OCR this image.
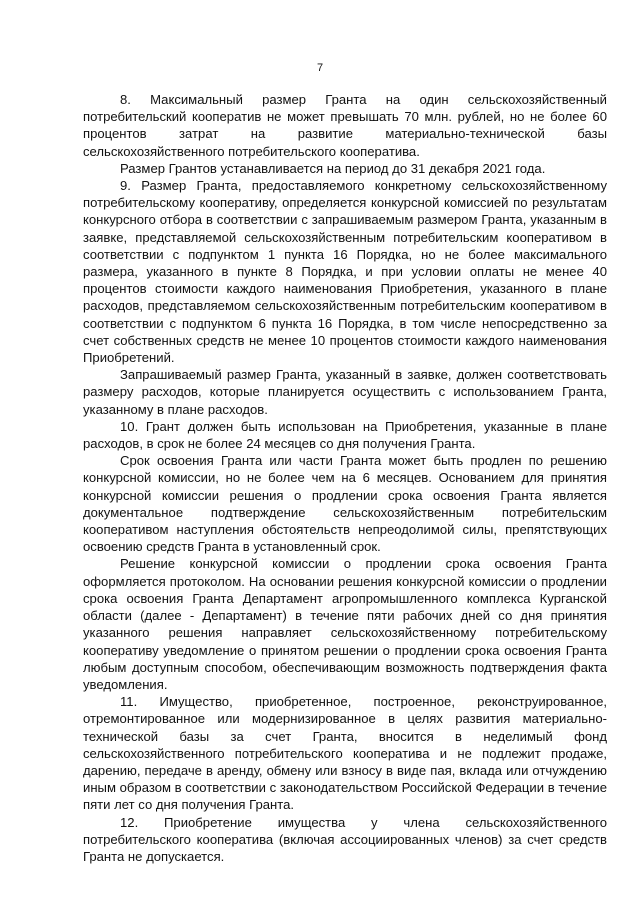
7

8. Максимальный размер Гранта на один сельскохозяйственный потребительский кооператив не может превышать 70 млн. рублей, но не более 60 процентов затрат на развитие материально-технической базы сельскохозяйственного потребительского кооператива.

Размер Грантов устанавливается на период до 31 декабря 2021 года.

9. Размер Гранта, предоставляемого конкретному сельскохозяйственному потребительскому кооперативу, определяется конкурсной комиссией по результатам конкурсного отбора в соответствии с запрашиваемым размером Гранта, указанным в заявке, представляемой сельскохозяйственным потребительским кооперативом в соответствии с подпунктом 1 пункта 16 Порядка, но не более максимального размера, указанного в пункте 8 Порядка, и при условии оплаты не менее 40 процентов стоимости каждого наименования Приобретения, указанного в плане расходов, представляемом сельскохозяйственным потребительским кооперативом в соответствии с подпунктом 6 пункта 16 Порядка, в том числе непосредственно за счет собственных средств не менее 10 процентов стоимости каждого наименования Приобретений.

Запрашиваемый размер Гранта, указанный в заявке, должен соответствовать размеру расходов, которые планируется осуществить с использованием Гранта, указанному в плане расходов.

10. Грант должен быть использован на Приобретения, указанные в плане расходов, в срок не более 24 месяцев со дня получения Гранта.

Срок освоения Гранта или части Гранта может быть продлен по решению конкурсной комиссии, но не более чем на 6 месяцев. Основанием для принятия конкурсной комиссии решения о продлении срока освоения Гранта является документальное подтверждение сельскохозяйственным потребительским кооперативом наступления обстоятельств непреодолимой силы, препятствующих освоению средств Гранта в установленный срок.

Решение конкурсной комиссии о продлении срока освоения Гранта оформляется протоколом. На основании решения конкурсной комиссии о продлении срока освоения Гранта Департамент агропромышленного комплекса Курганской области (далее - Департамент) в течение пяти рабочих дней со дня принятия указанного решения направляет сельскохозяйственному потребительскому кооперативу уведомление о принятом решении о продлении срока освоения Гранта любым доступным способом, обеспечивающим возможность подтверждения факта уведомления.

11. Имущество, приобретенное, построенное, реконструированное, отремонтированное или модернизированное в целях развития материально-технической базы за счет Гранта, вносится в неделимый фонд сельскохозяйственного потребительского кооператива и не подлежит продаже, дарению, передаче в аренду, обмену или взносу в виде пая, вклада или отчуждению иным образом в соответствии с законодательством Российской Федерации в течение пяти лет со дня получения Гранта.

12. Приобретение имущества у члена сельскохозяйственного потребительского кооператива (включая ассоциированных членов) за счет средств Гранта не допускается.
